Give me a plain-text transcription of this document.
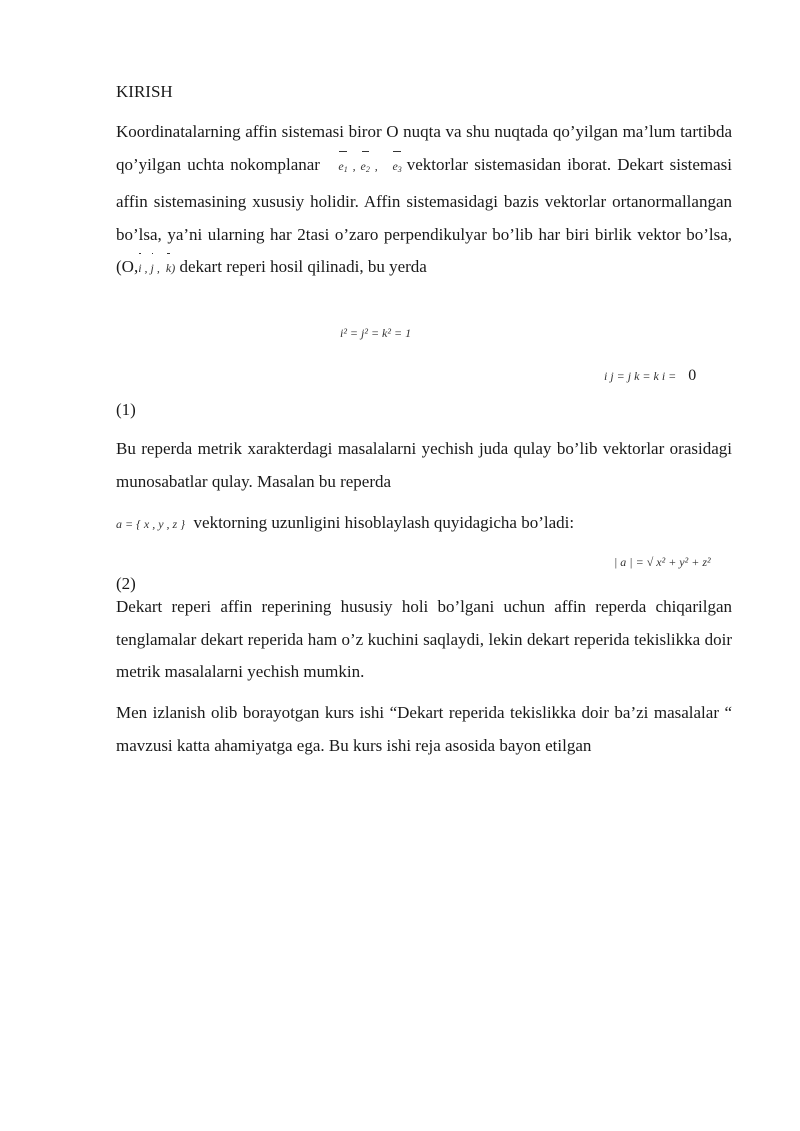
KIRISH

Koordinatalarning affin sistemasi biror O nuqta va shu nuqtada qo’yilgan ma’lum tartibda qo’yilgan uchta nokomplanar $e_1$ , $e_2$ ,   $e_3$ vektorlar sistemasidan iborat. Dekart sistemasi affin sistemasining xususiy holidir. Affin sistemasidagi bazis vektorlar ortanormallangan bo’lsa, ya’ni ularning har 2tasi o’zaro perpendikulyar bo’lib har biri birlik vektor bo’lsa, (O,i , j ,  k) dekart reperi hosil qilinadi, bu yerda

i² = j² = k² = 1
i j = j k = k i = 0
(1)

Bu reperda metrik xarakterdagi masalalarni yechish juda qulay bo’lib vektorlar orasidagi munosabatlar qulay. Masalan bu reperda

a = { x , y , z } vektorning uzunligini hisoblaylash quyidagicha bo’ladi:
| a | = √ x² + y² + z²
(2)

Dekart reperi affin reperining hususiy holi bo’lgani uchun affin reperda chiqarilgan tenglamalar dekart reperida ham o’z kuchini saqlaydi, lekin dekart reperida tekislikka doir metrik masalalarni yechish mumkin.

Men izlanish olib borayotgan kurs ishi “Dekart reperida tekislikka doir ba’zi masalalar “ mavzusi katta ahamiyatga ega. Bu kurs ishi reja asosida bayon etilgan
